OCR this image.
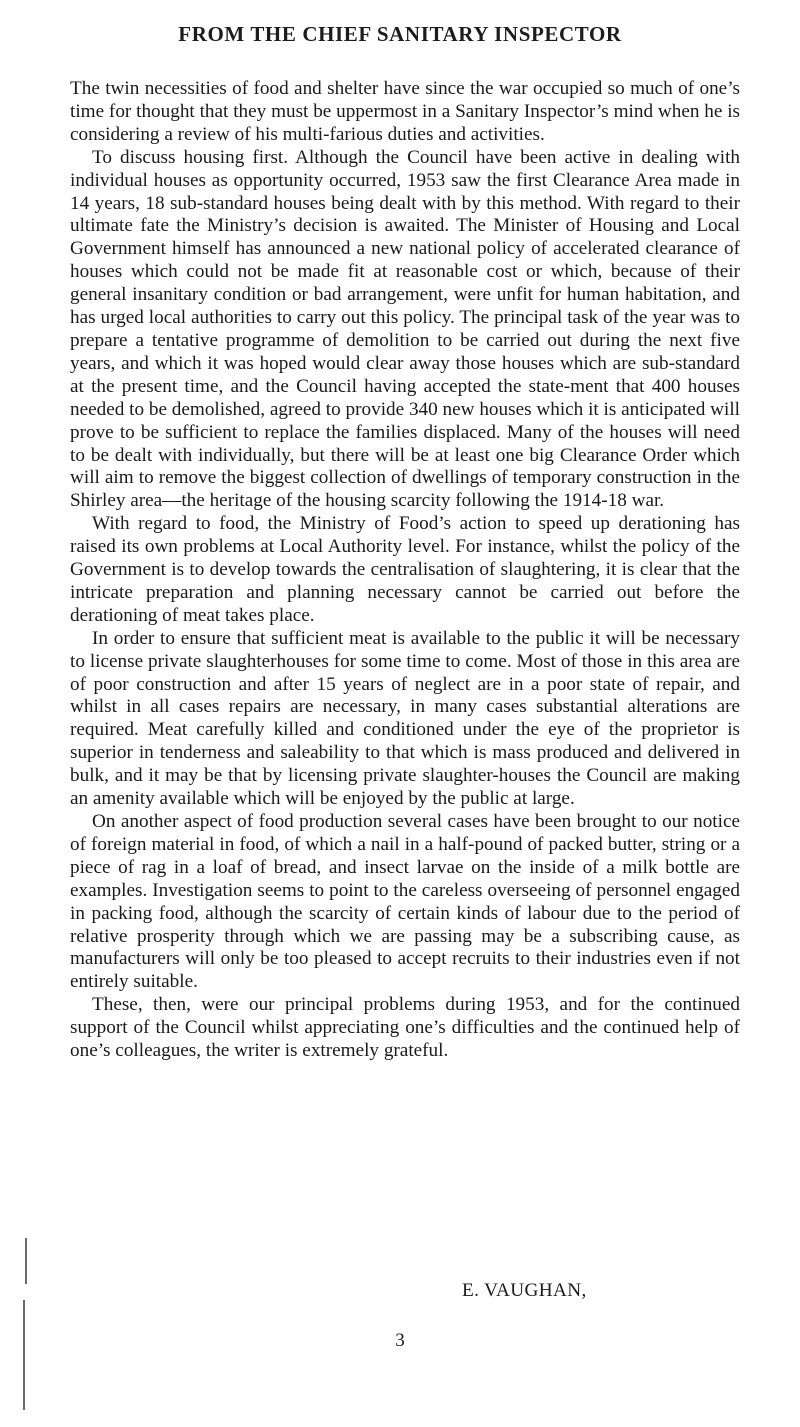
FROM THE CHIEF SANITARY INSPECTOR

The twin necessities of food and shelter have since the war occupied so much of one’s time for thought that they must be uppermost in a Sanitary Inspector’s mind when he is considering a review of his multi-farious duties and activities.

To discuss housing first. Although the Council have been active in dealing with individual houses as opportunity occurred, 1953 saw the first Clearance Area made in 14 years, 18 sub-standard houses being dealt with by this method. With regard to their ultimate fate the Ministry’s decision is awaited. The Minister of Housing and Local Government himself has announced a new national policy of accelerated clearance of houses which could not be made fit at reasonable cost or which, because of their general insanitary condition or bad arrangement, were unfit for human habitation, and has urged local authorities to carry out this policy. The principal task of the year was to prepare a tentative programme of demolition to be carried out during the next five years, and which it was hoped would clear away those houses which are sub-standard at the present time, and the Council having accepted the state-ment that 400 houses needed to be demolished, agreed to provide 340 new houses which it is anticipated will prove to be sufficient to replace the families displaced. Many of the houses will need to be dealt with individually, but there will be at least one big Clearance Order which will aim to remove the biggest collection of dwellings of temporary construction in the Shirley area—the heritage of the housing scarcity following the 1914-18 war.

With regard to food, the Ministry of Food’s action to speed up derationing has raised its own problems at Local Authority level. For instance, whilst the policy of the Government is to develop towards the centralisation of slaughtering, it is clear that the intricate preparation and planning necessary cannot be carried out before the derationing of meat takes place.

In order to ensure that sufficient meat is available to the public it will be necessary to license private slaughterhouses for some time to come. Most of those in this area are of poor construction and after 15 years of neglect are in a poor state of repair, and whilst in all cases repairs are necessary, in many cases substantial alterations are required. Meat carefully killed and conditioned under the eye of the proprietor is superior in tenderness and saleability to that which is mass produced and delivered in bulk, and it may be that by licensing private slaughter-houses the Council are making an amenity available which will be enjoyed by the public at large.

On another aspect of food production several cases have been brought to our notice of foreign material in food, of which a nail in a half-pound of packed butter, string or a piece of rag in a loaf of bread, and insect larvae on the inside of a milk bottle are examples. Investigation seems to point to the careless overseeing of personnel engaged in packing food, although the scarcity of certain kinds of labour due to the period of relative prosperity through which we are passing may be a subscribing cause, as manufacturers will only be too pleased to accept recruits to their industries even if not entirely suitable.

These, then, were our principal problems during 1953, and for the continued support of the Council whilst appreciating one’s difficulties and the continued help of one’s colleagues, the writer is extremely grateful.

E. VAUGHAN,
3
